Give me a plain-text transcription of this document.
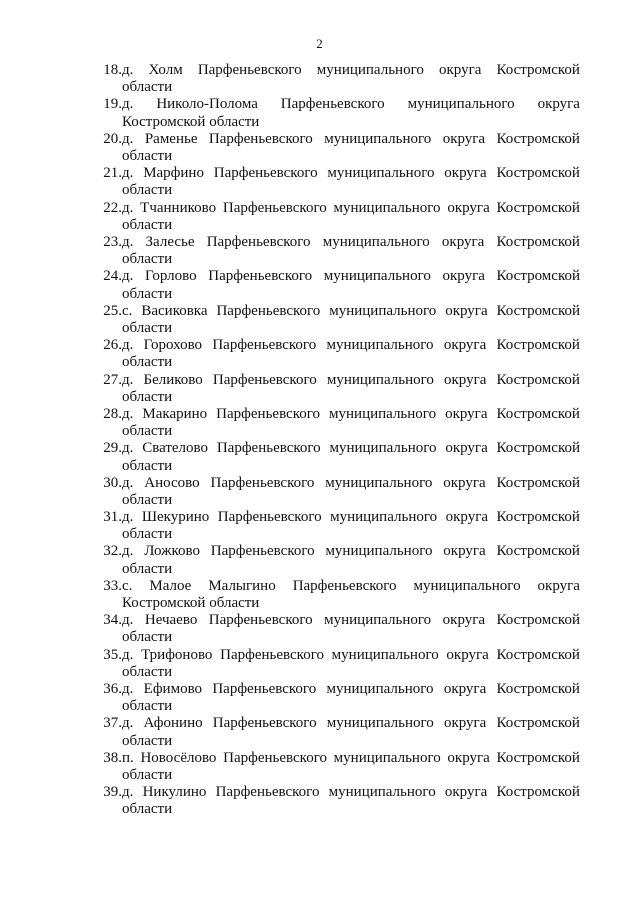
2
18. д. Холм Парфеньевского муниципального округа Костромской
области
19. д. Николо-Полома Парфеньевского муниципального округа
Костромской области
20. д. Раменье Парфеньевского муниципального округа Костромской
области
21. д. Марфино Парфеньевского муниципального округа Костромской
области
22. д. Тчанниково Парфеньевского муниципального округа Костромской
области
23. д. Залесье Парфеньевского муниципального округа Костромской
области
24. д. Горлово Парфеньевского муниципального округа Костромской
области
25. с. Васиковка Парфеньевского муниципального округа Костромской
области
26. д. Горохово Парфеньевского муниципального округа Костромской
области
27. д. Беликово Парфеньевского муниципального округа Костромской
области
28. д. Макарино Парфеньевского муниципального округа Костромской
области
29. д. Свателово Парфеньевского муниципального округа Костромской
области
30. д. Аносово Парфеньевского муниципального округа Костромской
области
31. д. Шекурино Парфеньевского муниципального округа Костромской
области
32. д. Ложково Парфеньевского муниципального округа Костромской
области
33. с. Малое Малыгино Парфеньевского муниципального округа
Костромской области
34. д. Нечаево Парфеньевского муниципального округа Костромской
области
35. д. Трифоново Парфеньевского муниципального округа Костромской
области
36. д. Ефимово Парфеньевского муниципального округа Костромской
области
37. д. Афонино Парфеньевского муниципального округа Костромской
области
38. п. Новосёлово Парфеньевского муниципального округа Костромской
области
39. д. Никулино Парфеньевского муниципального округа Костромской
области
